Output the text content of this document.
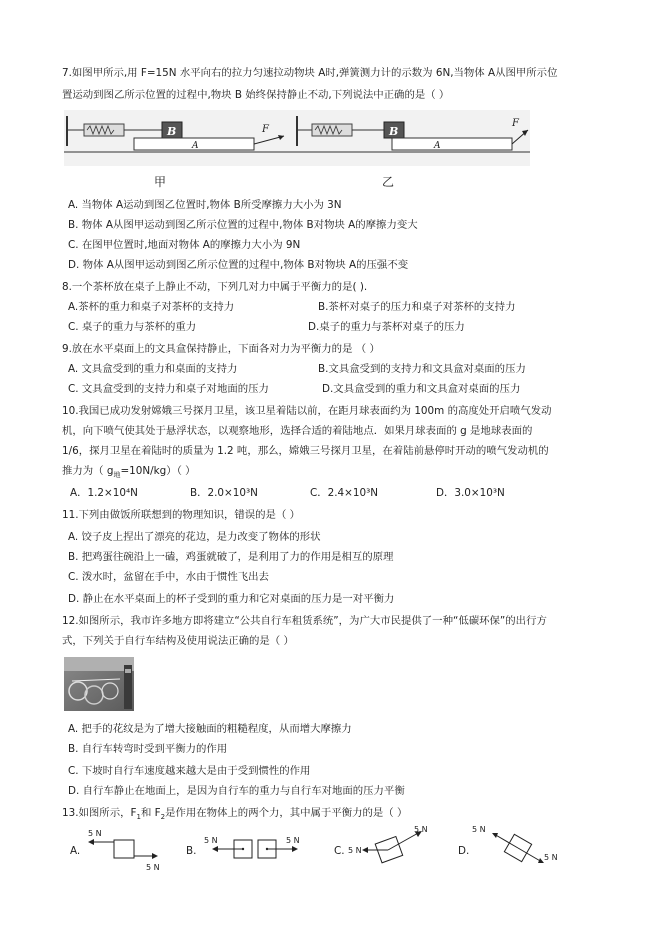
7.如图甲所示,用 F=15N 水平向右的拉力匀速拉动物块 A时,弹簧测力计的示数为 6N,当物体 A从图甲所示位
置运动到图乙所示位置的过程中,物块 B 始终保持静止不动,下列说法中正确的是（ ）
B
A
F	B
A
F
甲	乙
A. 当物体 A运动到图乙位置时,物体 B所受摩擦力大小为 3N
B. 物体 A从图甲运动到图乙所示位置的过程中,物体 B对物块 A的摩擦力变大
C. 在图甲位置时,地面对物体 A的摩擦力大小为 9N
D. 物体 A从图甲运动到图乙所示位置的过程中,物体 B对物块 A的压强不变
8.一个茶杯放在桌子上静止不动，下列几对力中属于平衡力的是( ).
A.茶杯的重力和桌子对茶杯的支持力	B.茶杯对桌子的压力和桌子对茶杯的支持力
C. 桌子的重力与茶杯的重力	D.桌子的重力与茶杯对桌子的压力
9.放在水平桌面上的文具盒保持静止，下面各对力为平衡力的是 （ ）
A. 文具盒受到的重力和桌面的支持力	B.文具盒受到的支持力和文具盒对桌面的压力
C. 文具盒受到的支持力和桌子对地面的压力	D.文具盒受到的重力和文具盒对桌面的压力
10.我国已成功发射嫦娥三号探月卫星，该卫星着陆以前，在距月球表面约为 100m 的高度处开启喷气发动
机，向下喷气使其处于悬浮状态，以观察地形，选择合适的着陆地点．如果月球表面的 g 是地球表面的
1/6，探月卫星在着陆时的质量为 1.2 吨，那么，嫦娥三号探月卫星，在着陆前悬停时开动的喷气发动机的
推力为（ $g_地=10N/kg$）（ ）
A．1.2×10⁴N	B．2.0×10³N	C．2.4×10³N	D．3.0×10³N
11.下列由做饭所联想到的物理知识，错误的是（ ）
A. 饺子皮上捏出了漂亮的花边，是力改变了物体的形状
B. 把鸡蛋往碗沿上一磕，鸡蛋就破了，是利用了力的作用是相互的原理
C. 泼水时，盆留在手中，水由于惯性飞出去
D. 静止在水平桌面上的杯子受到的重力和它对桌面的压力是一对平衡力
12.如图所示，我市许多地方即将建立“公共自行车租赁系统”，为广大市民提供了一种“低碳环保”的出行方
式，下列关于自行车结构及使用说法正确的是（ ）
A. 把手的花纹是为了增大接触面的粗糙程度，从而增大摩擦力
B. 自行车转弯时受到平衡力的作用
C. 下坡时自行车速度越来越大是由于受到惯性的作用
D. 自行车静止在地面上，是因为自行车的重力与自行车对地面的压力平衡
13.如图所示，$F_1$和 $F_2$是作用在物体上的两个力，其中属于平衡力的是（ ）
A.
5 N
5 N
B.
5 N	5 N
C. 5 N
5 N
D.
5 N
5 N
